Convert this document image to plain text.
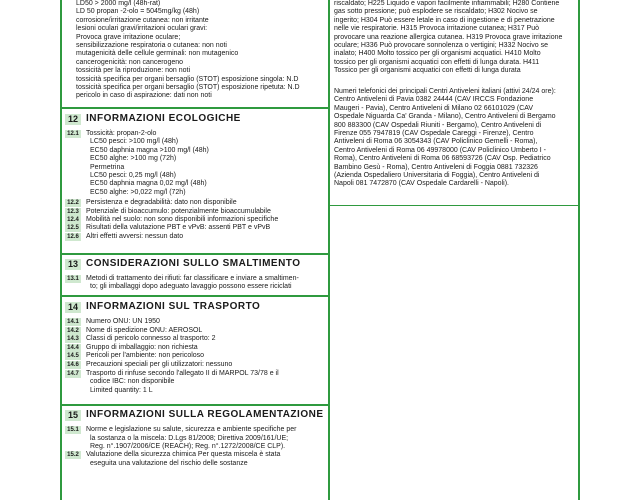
LD50 > 2000 mg/l (48h-rat)
LD 50 propan -2-olo = 5045mg/kg (48h)
corrosione/irritazione cutanea: non irritante
lesioni oculari gravi/irritazioni oculari gravi:
Provoca grave irritazione oculare;
sensibilizzazione respiratoria o cutanea: non noti
mutagenicità delle cellule germinali: non mutagenico
cancerogenicità: non cancerogeno
tossicità per la riproduzione: non noti
tossicità specifica per organi bersaglio (STOT) esposizione singola: N.D
tossicità specifica per organi bersaglio (STOT) esposizione ripetuta: N.D
pericolo in caso di aspirazione: dati non noti
12 INFORMAZIONI ECOLOGICHE
12.1	Tossicità: propan-2-olo
LC50 pesci: >100 mg/l (48h)
EC50 daphnia magna >100 mg/l (48h)
EC50 alghe: >100 mg (72h)
Permetrina
LC50 pesci: 0,25 mg/l (48h)
EC50 daphnia magna 0,02 mg/l (48h)
EC50 alghe: >0,022 mg/l (72h)
12.2	Persistenza e degradabilità: dato non disponibile
12.3	Potenziale di bioaccumulo: potenzialmente bioaccumulabile
12.4	Mobilità nel suolo: non sono disponibili informazioni specifiche
12.5	Risultati della valutazione PBT e vPvB: assenti PBT e vPvB
12.6	Altri effetti avversi: nessun dato
13 CONSIDERAZIONI SULLO SMALTIMENTO
13.1	Metodi di trattamento dei rifiuti: far classificare e inviare a smaltimen-
to; gli imballaggi dopo adeguato lavaggio possono essere riciclati
14 INFORMAZIONI SUL TRASPORTO
14.1	Numero ONU: UN 1950
14.2	Nome di spedizione ONU: AEROSOL
14.3	Classi di pericolo connesso al trasporto: 2
14.4	Gruppo di imballaggio: non richiesta
14.5	Pericoli per l'ambiente: non pericoloso
14.6	Precauzioni speciali per gli utilizzatori: nessuno
14.7	Trasporto di rinfuse secondo l'allegato II di MARPOL 73/78 e il
codice IBC: non disponibile
Limited quantity: 1 L
15 INFORMAZIONI SULLA REGOLAMENTAZIONE
15.1	Norme e legislazione su salute, sicurezza e ambiente specifiche per
la sostanza o la miscela: D.Lgs 81/2008; Direttiva 2009/161/UE;
Reg. n°.1907/2006/CE (REACH); Reg. n°.1272/2008/CE CLP).
15.2	Valutazione della sicurezza chimica Per questa miscela è stata
eseguita una valutazione del rischio delle sostanze
riscaldato; H225 Liquido e vapori facilmente infiammabili; H280 Contiene
gas sotto pressione; può esplodere se riscaldato; H302 Nocivo se
ingerito; H304 Può essere letale in caso di ingestione e di penetrazione
nelle vie respiratorie. H315 Provoca irritazione cutanea; H317 Può
provocare una reazione allergica cutanea. H319 Provoca grave irritazione
oculare; H336 Può provocare sonnolenza o vertigini; H332 Nocivo se
inalato; H400 Molto tossico per gli organismi acquatici. H410 Molto
tossico per gli organismi acquatici con effetti di lunga durata. H411
Tossico per gli organismi acquatici con effetti di lunga durata
Numeri telefonici dei principali Centri Antiveleni italiani (attivi 24/24 ore):
Centro Antiveleni di Pavia 0382 24444 (CAV IRCCS Fondazione
Maugeri - Pavia), Centro Antiveleni di Milano 02 66101029 (CAV
Ospedale Niguarda Ca' Granda - Milano), Centro Antiveleni di Bergamo
800 883300 (CAV Ospedali Riuniti - Bergamo), Centro Antiveleni di
Firenze 055 7947819 (CAV Ospedale Careggi - Firenze), Centro
Antiveleni di Roma 06 3054343 (CAV Policlinico Gemelli - Roma),
Centro Antiveleni di Roma 06 49978000 (CAV Policlinico Umberto I -
Roma), Centro Antiveleni di Roma 06 68593726 (CAV Osp. Pediatrico
Bambino Gesù - Roma), Centro Antiveleni di Foggia 0881 732326
(Azienda Ospedaliero Universitaria di Foggia), Centro Antiveleni di
Napoli 081 7472870 (CAV Ospedale Cardarelli - Napoli).
